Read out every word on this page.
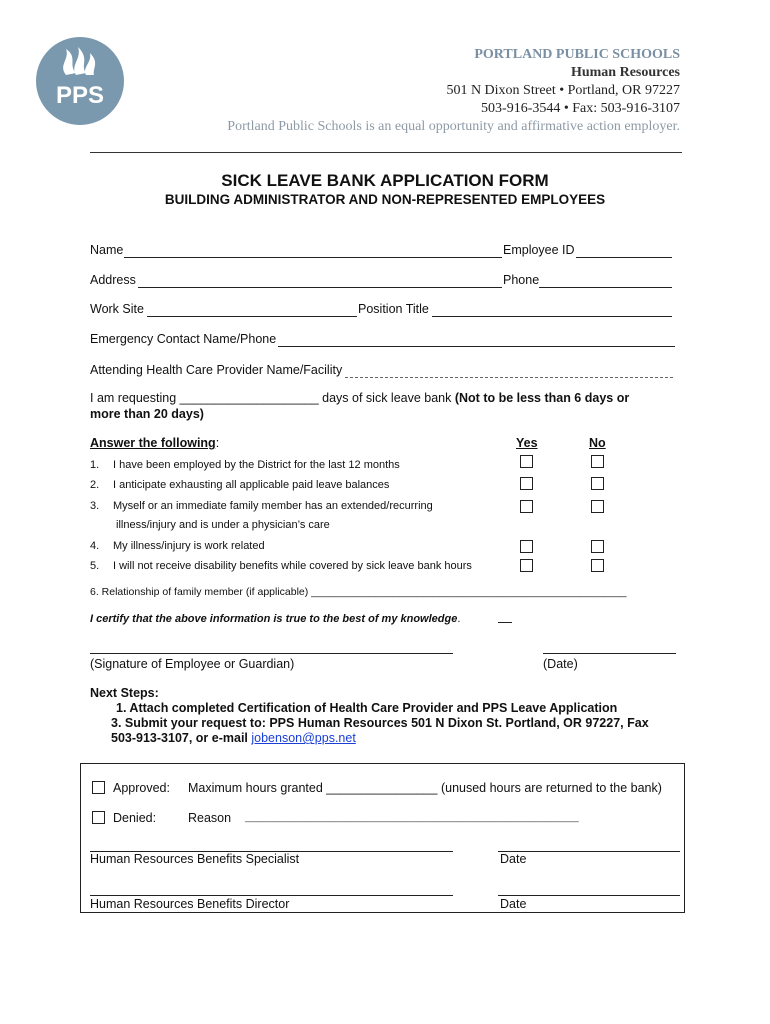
PPS
PORTLAND PUBLIC SCHOOLS
Human Resources
501 N Dixon Street • Portland, OR 97227
503-916-3544 • Fax: 503-916-3107
Portland Public Schools is an equal opportunity and affirmative action employer.
SICK LEAVE BANK APPLICATION FORM
BUILDING ADMINISTRATOR AND NON-REPRESENTED EMPLOYEES
Name	Employee ID
Address	Phone
Work Site	Position Title
Emergency Contact Name/Phone
Attending Health Care Provider Name/Facility
I am requesting ____________________ days of sick leave bank (Not to be less than 6 days or
more than 20 days)
Answer the following:	Yes	No
1. I have been employed by the District for the last 12 months
2. I anticipate exhausting all applicable paid leave balances
3. Myself or an immediate family member has an extended/recurring
illness/injury and is under a physician’s care
4. My illness/injury is work related
5. I will not receive disability benefits while covered by sick leave bank hours
6. Relationship of family member (if applicable) ______________________________________________________
I certify that the above information is true to the best of my knowledge.
(Signature of Employee or Guardian)	(Date)
Next Steps:
1. Attach completed Certification of Health Care Provider and PPS Leave Application
3. Submit your request to: PPS Human Resources 501 N Dixon St. Portland, OR 97227, Fax
503-913-3107, or e-mail jobenson@pps.net
Approved: Maximum hours granted ________________ (unused hours are returned to the bank)
Denied:	Reason ____________________________________________________________
Human Resources Benefits Specialist	Date
Human Resources Benefits Director	Date
